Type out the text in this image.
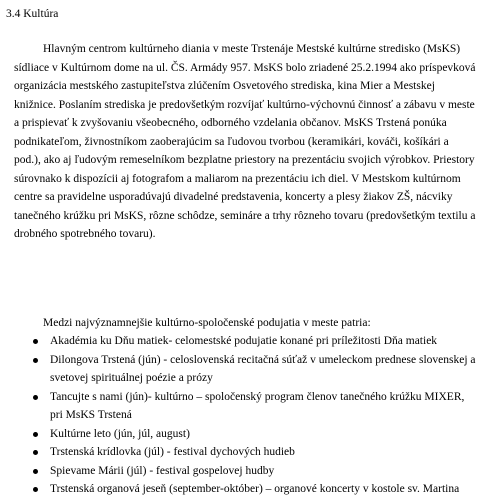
3.4 Kultúra

Hlavným centrom kultúrneho diania v meste Trstenáje Mestské kultúrne stredisko (MsKS) sídliace v Kultúrnom dome na ul. ČS. Armády 957. MsKS bolo zriadené 25.2.1994 ako príspevková organizácia mestského zastupiteľstva zlúčením Osvetového strediska, kina Mier a Mestskej knižnice. Poslaním strediska je predovšetkým rozvíjať kultúrno-výchovnú činnosť a zábavu v meste a prispievať k zvyšovaniu všeobecného, odborného vzdelania občanov. MsKS Trstená ponúka podnikateľom, živnostníkom zaoberajúcim sa ľudovou tvorbou (keramikári, kováči, košíkári a pod.), ako aj ľudovým remeselníkom bezplatne priestory na prezentáciu svojich výrobkov. Priestory súrovnako k dispozícii aj fotografom a maliarom na prezentáciu ich diel. V Mestskom kultúrnom centre sa pravidelne usporadúvajú divadelné predstavenia, koncerty a plesy žiakov ZŠ, nácviky tanečného krúžku pri MsKS, rôzne schôdze, semináre a trhy rôzneho tovaru (predovšetkým textilu a drobného spotrebného tovaru).

Medzi najvýznamnejšie kultúrno-spoločenské podujatia v meste patria:

Akadémia ku Dňu matiek- celomestské podujatie konané pri príležitosti Dňa matiek
Dilongova Trstená (jún) - celoslovenská recitačná súťaž v umeleckom prednese slovenskej a svetovej spirituálnej poézie a prózy
Tancujte s nami (jún)- kultúrno – spoločenský program členov tanečného krúžku MIXER, pri MsKS Trstená
Kultúrne leto (jún, júl, august)
Trstenská krídlovka (júl) - festival dychových hudieb
Spievame Márii (júl) - festival gospelovej hudby
Trstenská organová jeseň (september-október) – organové koncerty v kostole sv. Martina
